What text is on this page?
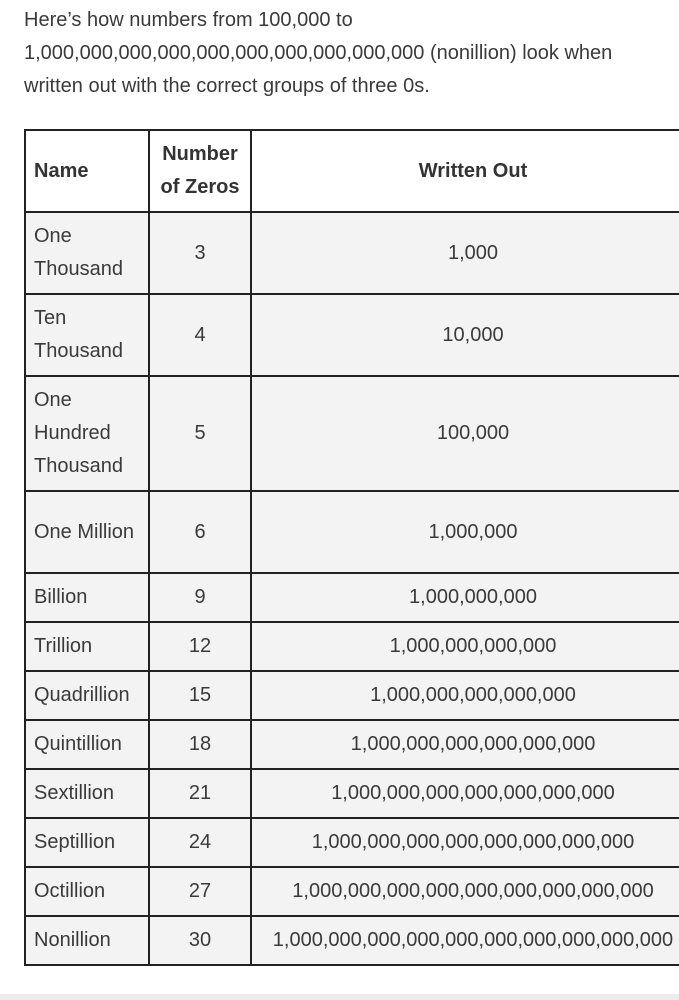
Here’s how numbers from 100,000 to 1,000,000,000,000,000,000,000,000,000,000 (nonillion) look when written out with the correct groups of three 0s.

Name	Number of Zeros	Written Out
One Thousand	3	1,000
Ten Thousand	4	10,000
One Hundred Thousand	5	100,000
One Million	6	1,000,000
Billion	9	1,000,000,000
Trillion	12	1,000,000,000,000
Quadrillion	15	1,000,000,000,000,000
Quintillion	18	1,000,000,000,000,000,000
Sextillion	21	1,000,000,000,000,000,000,000
Septillion	24	1,000,000,000,000,000,000,000,000
Octillion	27	1,000,000,000,000,000,000,000,000,000
Nonillion	30	1,000,000,000,000,000,000,000,000,000,000
